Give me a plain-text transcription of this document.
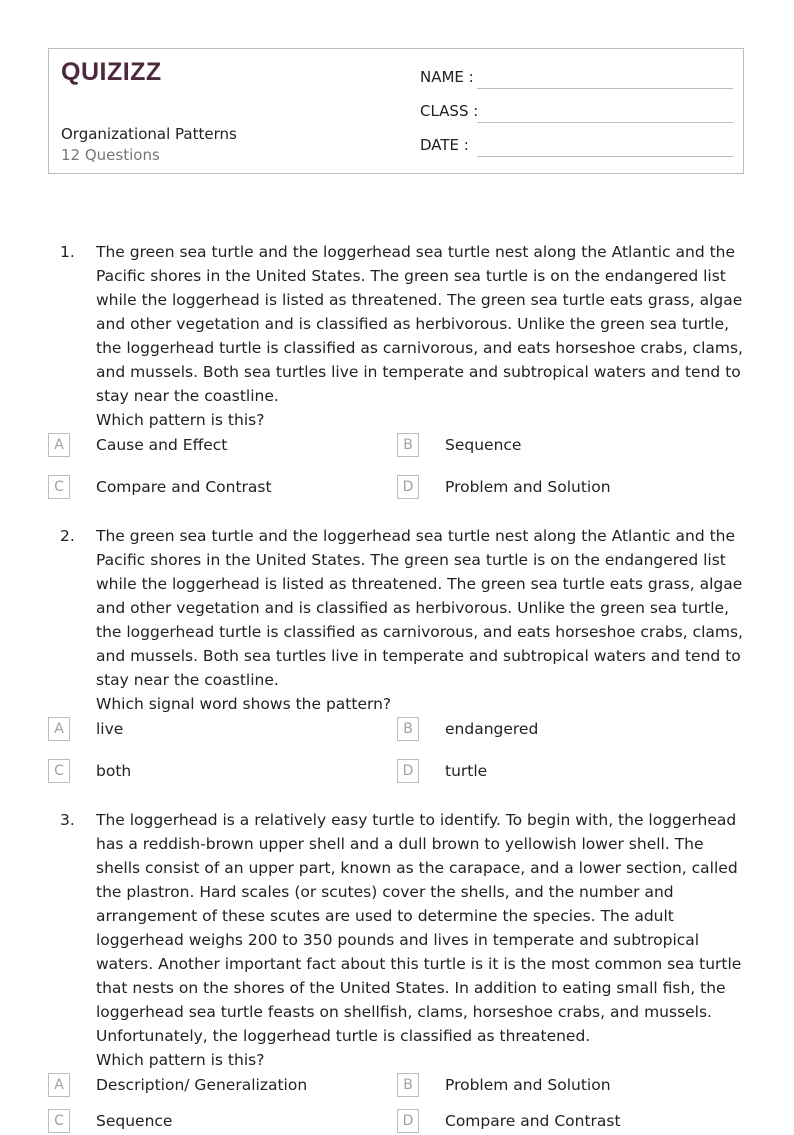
QUIZIZZ
Organizational Patterns
12 Questions
NAME :
CLASS :
DATE :
1. The green sea turtle and the loggerhead sea turtle nest along the Atlantic and the Pacific shores in the United States. The green sea turtle is on the endangered list while the loggerhead is listed as threatened. The green sea turtle eats grass, algae and other vegetation and is classified as herbivorous. Unlike the green sea turtle, the loggerhead turtle is classified as carnivorous, and eats horseshoe crabs, clams, and mussels. Both sea turtles live in temperate and subtropical waters and tend to stay near the coastline.

Which pattern is this?

A	Cause and Effect	B	Sequence
C	Compare and Contrast	D	Problem and Solution
2. The green sea turtle and the loggerhead sea turtle nest along the Atlantic and the Pacific shores in the United States. The green sea turtle is on the endangered list while the loggerhead is listed as threatened. The green sea turtle eats grass, algae and other vegetation and is classified as herbivorous. Unlike the green sea turtle, the loggerhead turtle is classified as carnivorous, and eats horseshoe crabs, clams, and mussels. Both sea turtles live in temperate and subtropical waters and tend to stay near the coastline.

Which signal word shows the pattern?

A	live	B	endangered
C	both	D	turtle
3. The loggerhead is a relatively easy turtle to identify. To begin with, the loggerhead has a reddish-brown upper shell and a dull brown to yellowish lower shell. The shells consist of an upper part, known as the carapace, and a lower section, called the plastron. Hard scales (or scutes) cover the shells, and the number and arrangement of these scutes are used to determine the species. The adult loggerhead weighs 200 to 350 pounds and lives in temperate and subtropical waters. Another important fact about this turtle is it is the most common sea turtle that nests on the shores of the United States. In addition to eating small fish, the loggerhead sea turtle feasts on shellfish, clams, horseshoe crabs, and mussels. Unfortunately, the loggerhead turtle is classified as threatened.

Which pattern is this?

A	Description/ Generalization	B	Problem and Solution
C	Sequence	D	Compare and Contrast
